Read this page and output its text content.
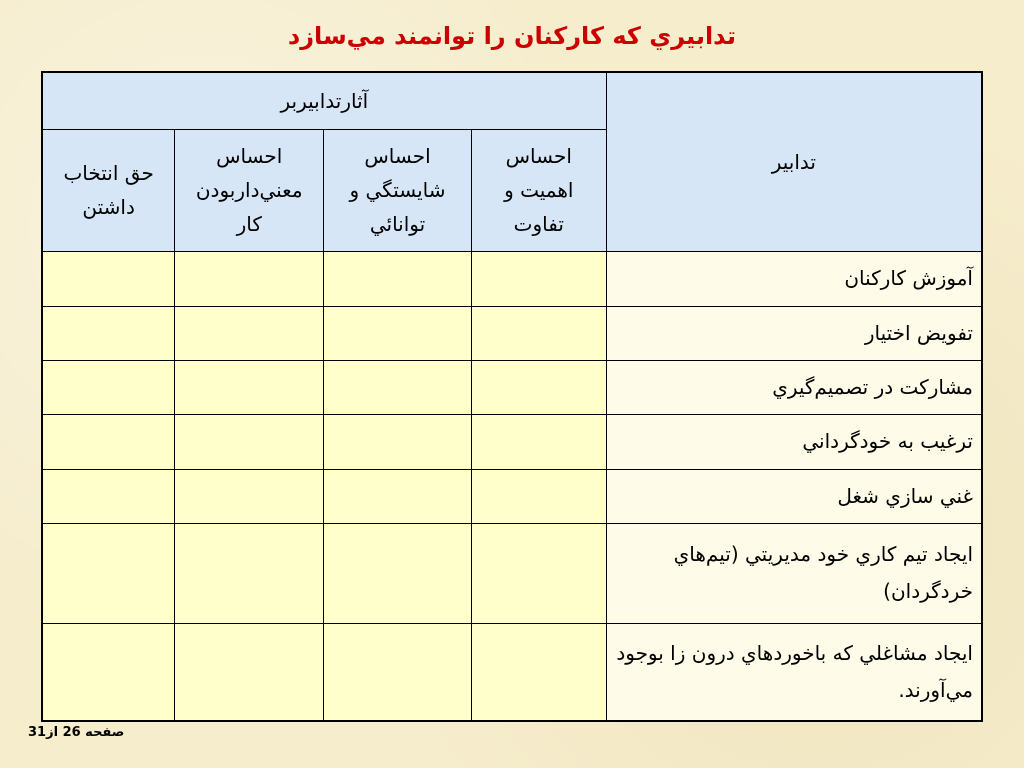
تدابيري كه كاركنان را توانمند مي‌سازد
تدابير	آثارتدابيربر			
	احساس اهميت و تفاوت	احساس شايستگي و توانائي	احساس معني‌داربودن كار	حق انتخاب داشتن
آموزش كاركنان				
تفويض اختيار				
مشاركت در تصميم‌گيري				
ترغيب به خودگرداني				
غني سازي شغل				
ايجاد تيم كاري خود مديريتي (تيم‌هاي خردگردان)				
ايجاد مشاغلي كه باخوردهاي درون زا بوجود مي‌آورند.				
صفحه 26 از31
